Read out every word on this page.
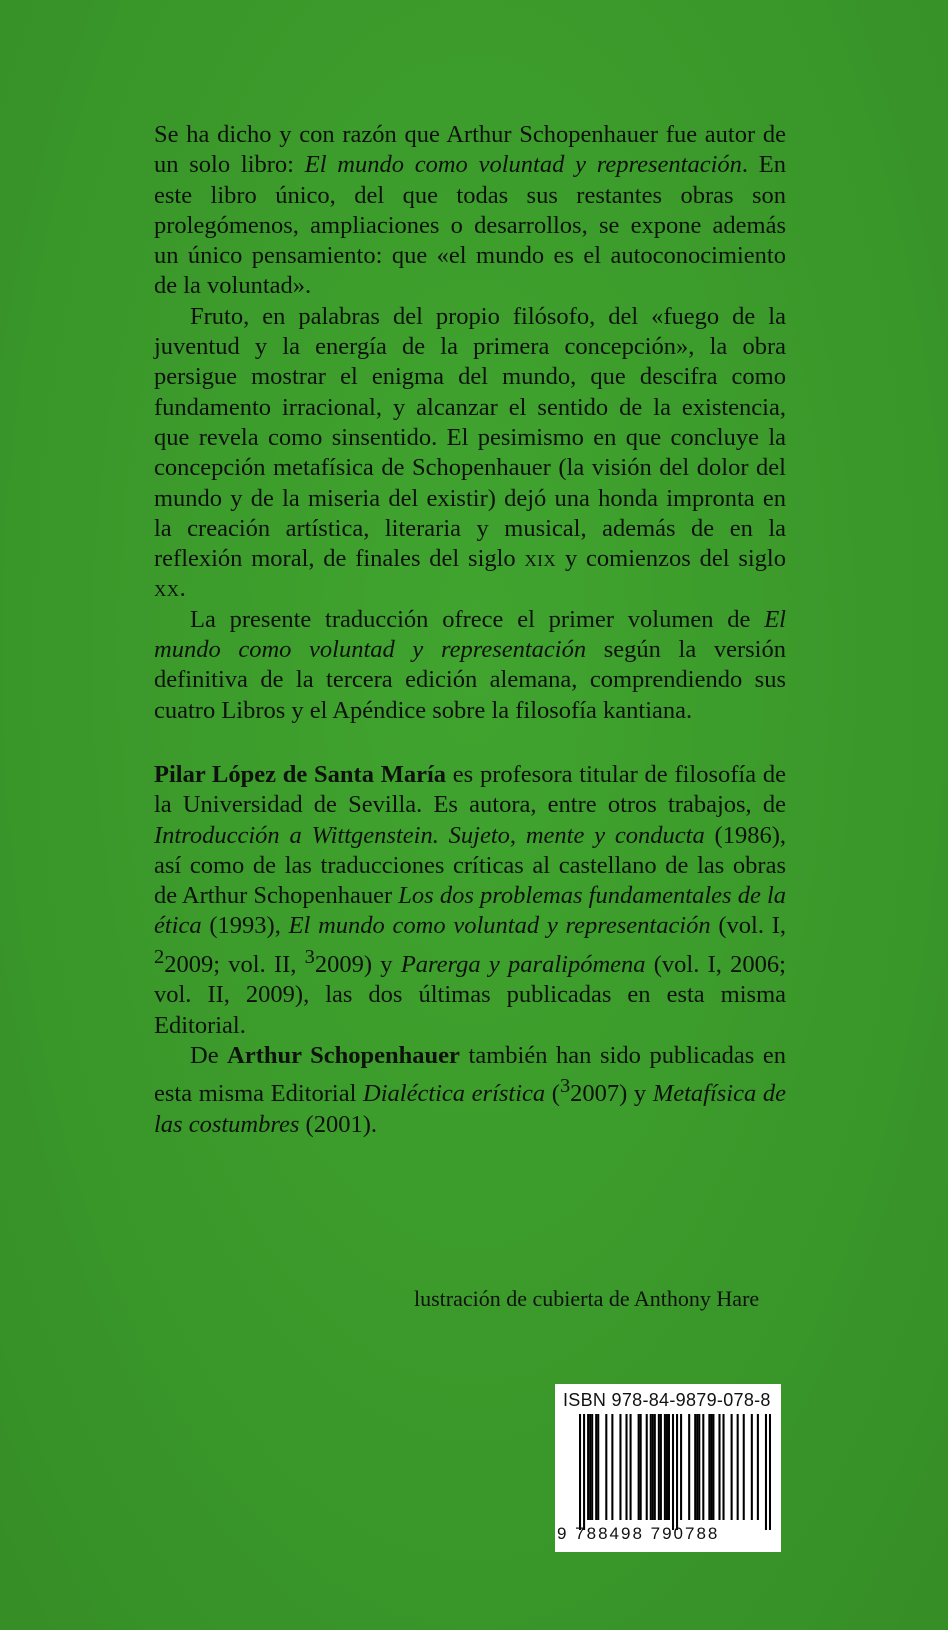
Se ha dicho y con razón que Arthur Schopenhauer fue autor de un solo libro: El mundo como voluntad y representación. En este libro único, del que todas sus restantes obras son prolegómenos, ampliaciones o desarrollos, se expone además un único pensamiento: que «el mundo es el autoconocimiento de la voluntad».

Fruto, en palabras del propio filósofo, del «fuego de la juventud y la energía de la primera concepción», la obra persigue mostrar el enigma del mundo, que descifra como fundamento irracional, y alcanzar el sentido de la existencia, que revela como sinsentido. El pesimismo en que concluye la concepción metafísica de Schopenhauer (la visión del dolor del mundo y de la miseria del existir) dejó una honda impronta en la creación artística, literaria y musical, además de en la reflexión moral, de finales del siglo xix y comienzos del siglo xx.

La presente traducción ofrece el primer volumen de El mundo como voluntad y representación según la versión definitiva de la tercera edición alemana, comprendiendo sus cuatro Libros y el Apéndice sobre la filosofía kantiana.

Pilar López de Santa María es profesora titular de filosofía de la Universidad de Sevilla. Es autora, entre otros trabajos, de Introducción a Wittgenstein. Sujeto, mente y conducta (1986), así como de las traducciones críticas al castellano de las obras de Arthur Schopenhauer Los dos problemas fundamentales de la ética (1993), El mundo como voluntad y representación (vol. I, $^2$2009; vol. II, $^3$2009) y Parerga y paralipómena (vol. I, 2006; vol. II, 2009), las dos últimas publicadas en esta misma Editorial.

De Arthur Schopenhauer también han sido publicadas en esta misma Editorial Dialéctica erística ($^3$2007) y Metafísica de las costumbres (2001).

lustración de cubierta de Anthony Hare
ISBN 978-84-9879-078-8
9 788498 790788
